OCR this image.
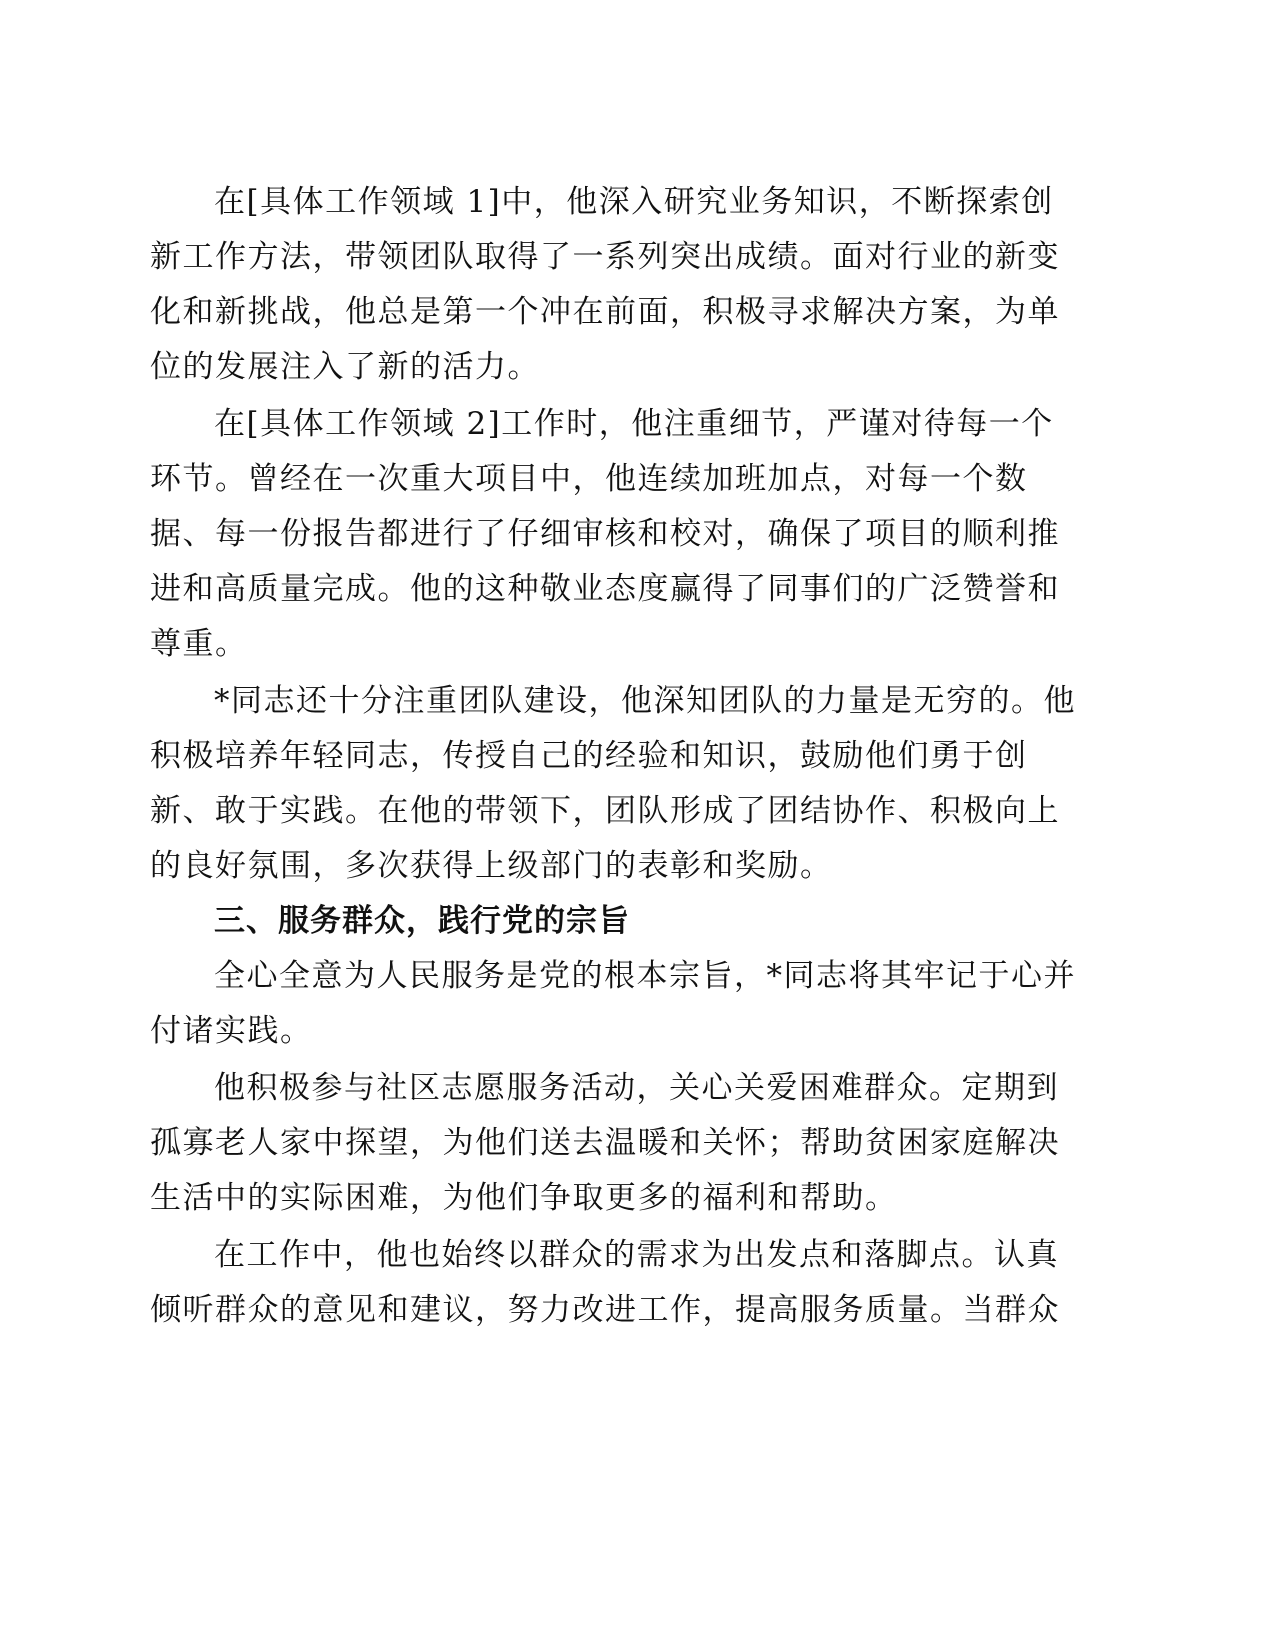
在[具体工作领域 1]中，他深入研究业务知识，不断探索创
新工作方法，带领团队取得了一系列突出成绩。面对行业的新变
化和新挑战，他总是第一个冲在前面，积极寻求解决方案，为单
位的发展注入了新的活力。
在[具体工作领域 2]工作时，他注重细节，严谨对待每一个
环节。曾经在一次重大项目中，他连续加班加点，对每一个数
据、每一份报告都进行了仔细审核和校对，确保了项目的顺利推
进和高质量完成。他的这种敬业态度赢得了同事们的广泛赞誉和
尊重。
*同志还十分注重团队建设，他深知团队的力量是无穷的。他
积极培养年轻同志，传授自己的经验和知识，鼓励他们勇于创
新、敢于实践。在他的带领下，团队形成了团结协作、积极向上
的良好氛围，多次获得上级部门的表彰和奖励。
三、服务群众，践行党的宗旨
全心全意为人民服务是党的根本宗旨，*同志将其牢记于心并
付诸实践。
他积极参与社区志愿服务活动，关心关爱困难群众。定期到
孤寡老人家中探望，为他们送去温暖和关怀；帮助贫困家庭解决
生活中的实际困难，为他们争取更多的福利和帮助。
在工作中，他也始终以群众的需求为出发点和落脚点。认真
倾听群众的意见和建议，努力改进工作，提高服务质量。当群众
